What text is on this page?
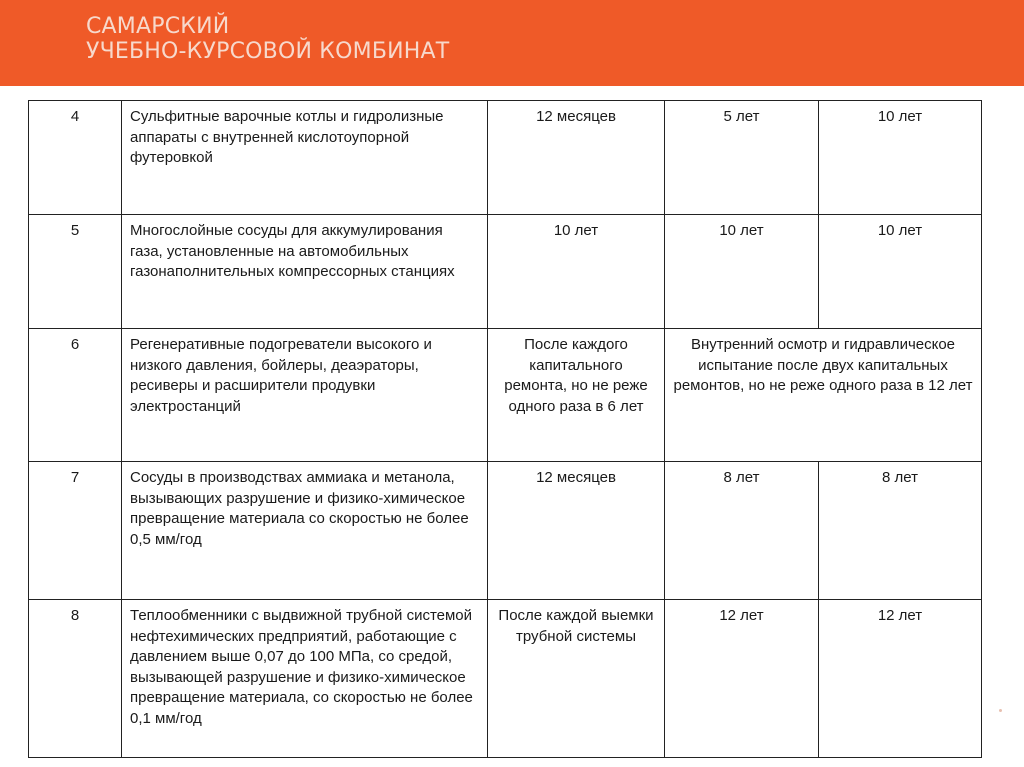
САМАРСКИЙ
УЧЕБНО-КУРСОВОЙ КОМБИНАТ
4	Сульфитные варочные котлы и гидролизные аппараты с внутренней кислотоупорной футеровкой	12 месяцев	5 лет	10 лет
5	Многослойные сосуды для аккумулирования газа, установленные на автомобильных газонаполнительных компрессорных станциях	10 лет	10 лет	10 лет
6	Регенеративные подогреватели высокого и низкого давления, бойлеры, деаэраторы, ресиверы и расширители продувки электростанций	После каждого капитального ремонта, но не реже одного раза в 6 лет	Внутренний осмотр и гидравлическое испытание после двух капитальных ремонтов, но не реже одного раза в 12 лет	
7	Сосуды в производствах аммиака и метанола, вызывающих разрушение и физико-химическое превращение материала со скоростью не более 0,5 мм/год	12 месяцев	8 лет	8 лет
8	Теплообменники с выдвижной трубной системой нефтехимических предприятий, работающие с давлением выше 0,07 до 100 МПа, со средой, вызывающей разрушение и физико-химическое превращение материала, со скоростью не более 0,1 мм/год	После каждой выемки трубной системы	12 лет	12 лет
